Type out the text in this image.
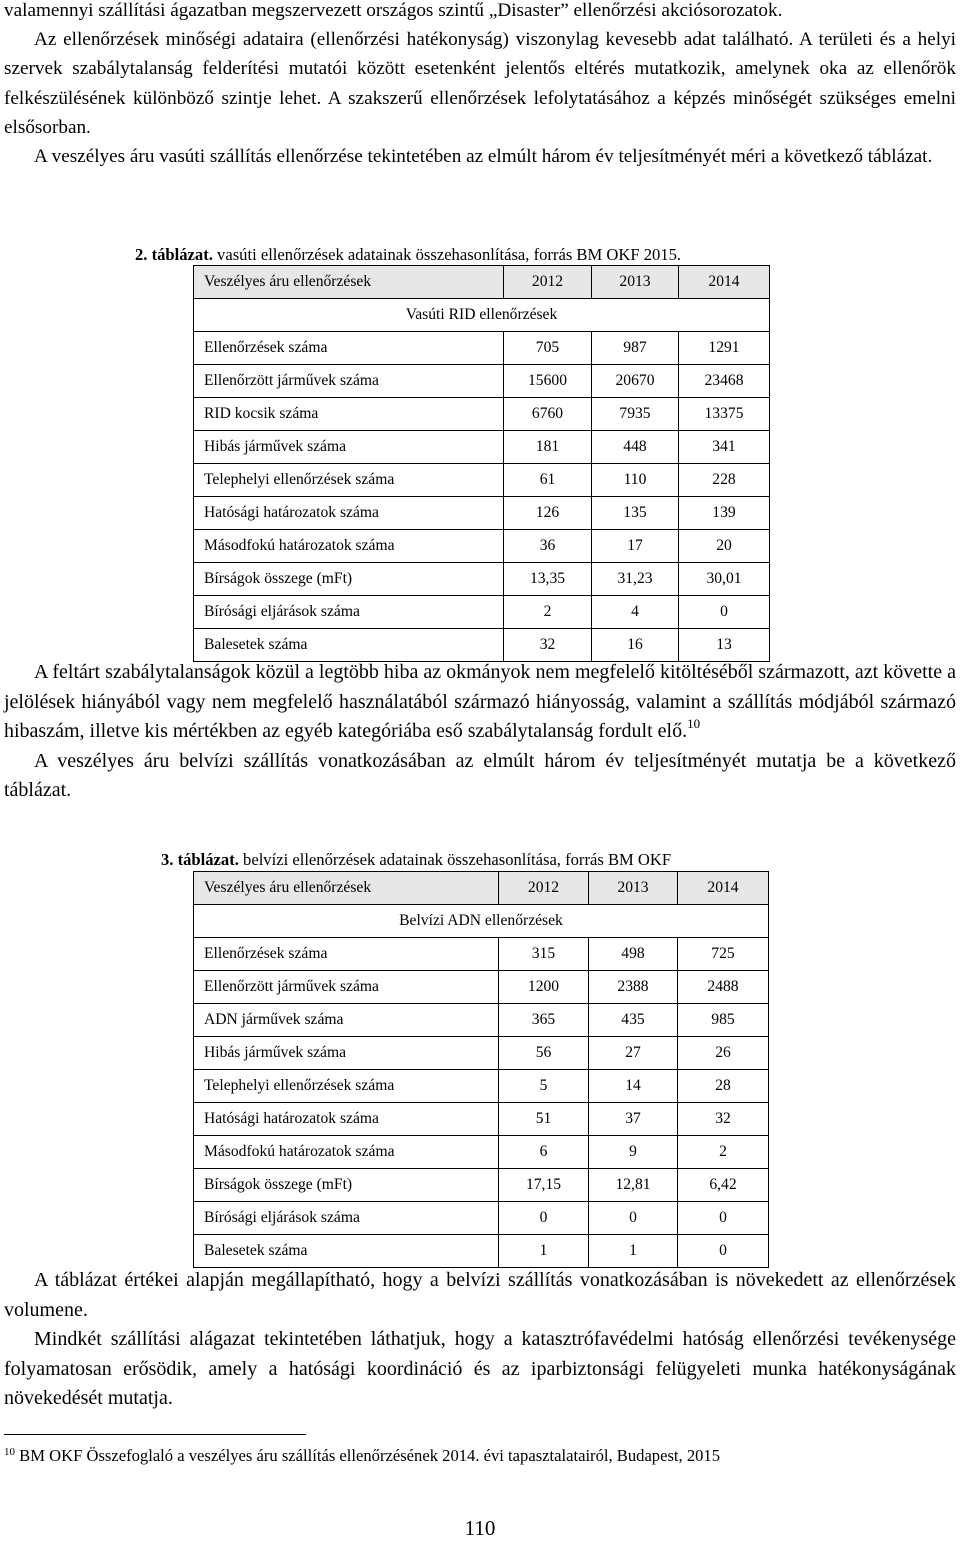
valamennyi szállítási ágazatban megszervezett országos szintű „Disaster” ellenőrzési akciósorozatok.

Az ellenőrzések minőségi adataira (ellenőrzési hatékonyság) viszonylag kevesebb adat található. A területi és a helyi szervek szabálytalanság felderítési mutatói között esetenként jelentős eltérés mutatkozik, amelynek oka az ellenőrök felkészülésének különböző szintje lehet. A szakszerű ellenőrzések lefolytatásához a képzés minőségét szükséges emelni elsősorban.

A veszélyes áru vasúti szállítás ellenőrzése tekintetében az elmúlt három év teljesítményét méri a következő táblázat.

2. táblázat. vasúti ellenőrzések adatainak összehasonlítása, forrás BM OKF 2015.
Veszélyes áru ellenőrzések	2012	2013	2014
Vasúti RID ellenőrzések			
Ellenőrzések száma	705	987	1291
Ellenőrzött járművek száma	15600	20670	23468
RID kocsik száma	6760	7935	13375
Hibás járművek száma	181	448	341
Telephelyi ellenőrzések száma	61	110	228
Hatósági határozatok száma	126	135	139
Másodfokú határozatok száma	36	17	20
Bírságok összege (mFt)	13,35	31,23	30,01
Bírósági eljárások száma	2	4	0
Balesetek száma	32	16	13

A feltárt szabálytalanságok közül a legtöbb hiba az okmányok nem megfelelő kitöltéséből származott, azt követte a jelölések hiányából vagy nem megfelelő használatából származó hiányosság, valamint a szállítás módjából származó hibaszám, illetve kis mértékben az egyéb kategóriába eső szabálytalanság fordult elő.$^{10}$

A veszélyes áru belvízi szállítás vonatkozásában az elmúlt három év teljesítményét mutatja be a következő táblázat.

3. táblázat. belvízi ellenőrzések adatainak összehasonlítása, forrás BM OKF
Veszélyes áru ellenőrzések	2012	2013	2014
Belvízi ADN ellenőrzések			
Ellenőrzések száma	315	498	725
Ellenőrzött járművek száma	1200	2388	2488
ADN járművek száma	365	435	985
Hibás járművek száma	56	27	26
Telephelyi ellenőrzések száma	5	14	28
Hatósági határozatok száma	51	37	32
Másodfokú határozatok száma	6	9	2
Bírságok összege (mFt)	17,15	12,81	6,42
Bírósági eljárások száma	0	0	0
Balesetek száma	1	1	0

A táblázat értékei alapján megállapítható, hogy a belvízi szállítás vonatkozásában is növekedett az ellenőrzések volumene.

Mindkét szállítási alágazat tekintetében láthatjuk, hogy a katasztrófavédelmi hatóság ellenőrzési tevékenysége folyamatosan erősödik, amely a hatósági koordináció és az iparbiztonsági felügyeleti munka hatékonyságának növekedését mutatja.

$^{10}$ BM OKF Összefoglaló a veszélyes áru szállítás ellenőrzésének 2014. évi tapasztalatairól, Budapest, 2015
110
